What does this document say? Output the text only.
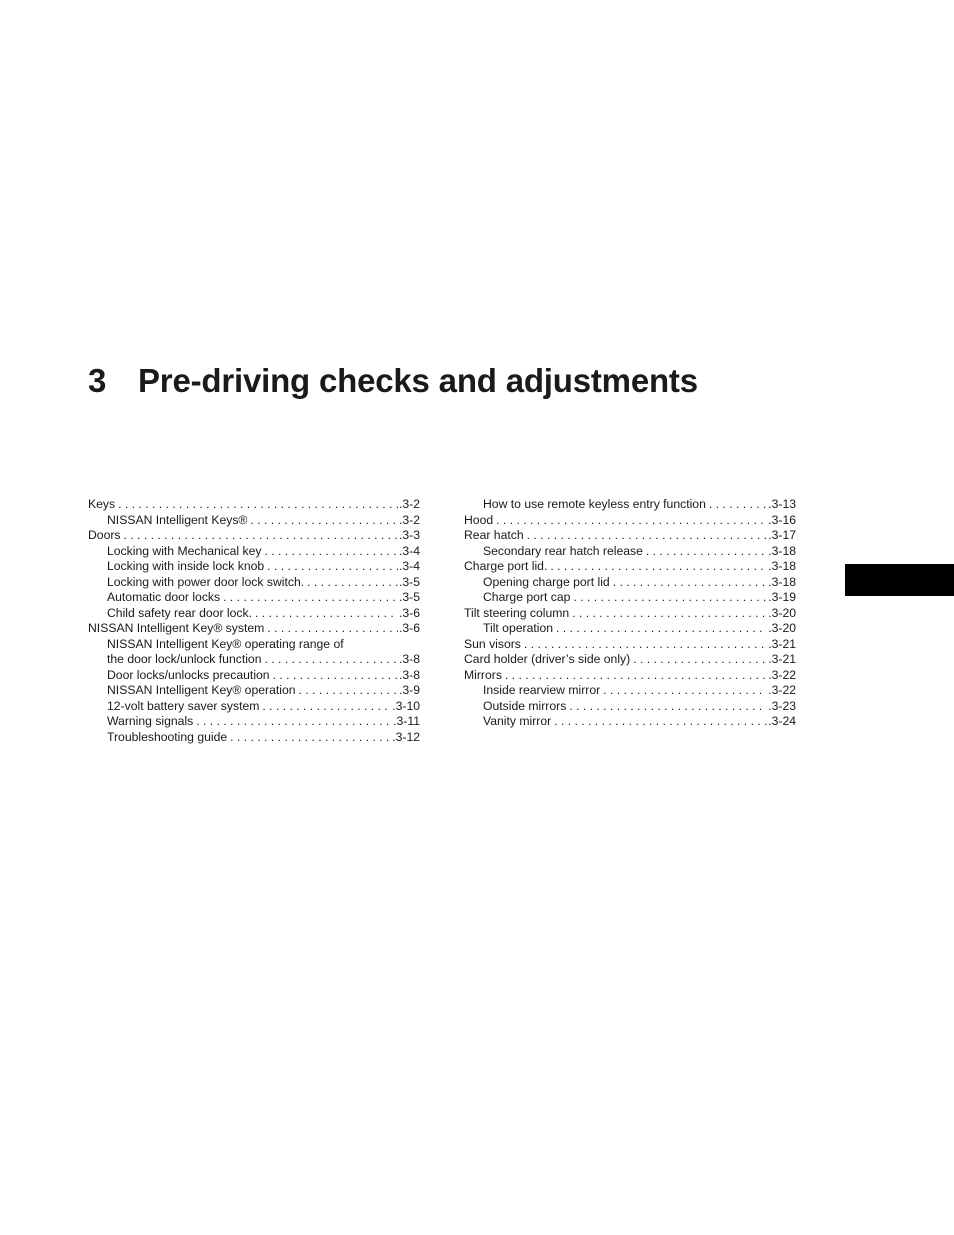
3 Pre-driving checks and adjustments
Keys . . .	.3-2
NISSAN Intelligent Keys® . . .	.3-2
Doors . . .	.3-3
Locking with Mechanical key . . .	.3-4
Locking with inside lock knob . . .	.3-4
Locking with power door lock switch. . . .	.3-5
Automatic door locks . . .	.3-5
Child safety rear door lock. . . .	.3-6
NISSAN Intelligent Key® system . . .	.3-6
NISSAN Intelligent Key® operating range of
the door lock/unlock function . . .	.3-8
Door locks/unlocks precaution . . .	.3-8
NISSAN Intelligent Key® operation . . .	.3-9
12-volt battery saver system . . .	.3-10
Warning signals . . .	.3-11
Troubleshooting guide . . .	.3-12
How to use remote keyless entry function . . .	.3-13
Hood . . .	.3-16
Rear hatch . . .	.3-17
Secondary rear hatch release . . .	.3-18
Charge port lid. . . .	.3-18
Opening charge port lid . . .	.3-18
Charge port cap . . .	.3-19
Tilt steering column . . .	.3-20
Tilt operation . . .	.3-20
Sun visors . . .	.3-21
Card holder (driver’s side only) . . .	.3-21
Mirrors . . .	.3-22
Inside rearview mirror . . .	.3-22
Outside mirrors . . .	.3-23
Vanity mirror . . .	.3-24
